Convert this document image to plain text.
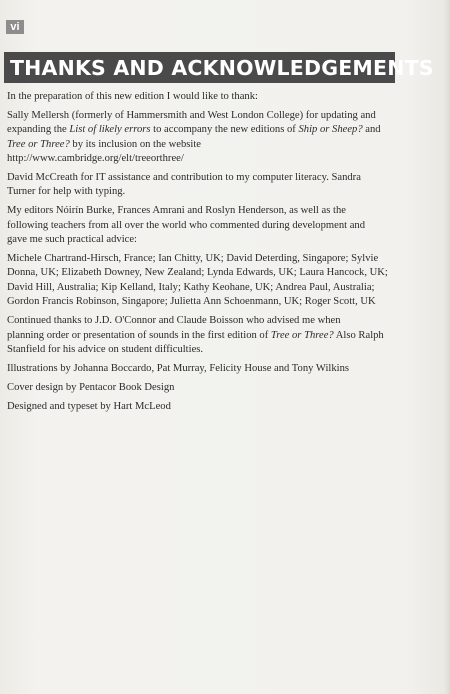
vi
THANKS AND ACKNOWLEDGEMENTS

In the preparation of this new edition I would like to thank:

Sally Mellersh (formerly of Hammersmith and West London College) for updating and
expanding the List of likely errors to accompany the new editions of Ship or Sheep? and
Tree or Three? by its inclusion on the website
http://www.cambridge.org/elt/treeorthree/

David McCreath for IT assistance and contribution to my computer literacy. Sandra
Turner for help with typing.

My editors Nóirín Burke, Frances Amrani and Roslyn Henderson, as well as the
following teachers from all over the world who commented during development and
gave me such practical advice:

Michele Chartrand-Hirsch, France; Ian Chitty, UK; David Deterding, Singapore; Sylvie
Donna, UK; Elizabeth Downey, New Zealand; Lynda Edwards, UK; Laura Hancock, UK;
David Hill, Australia; Kip Kelland, Italy; Kathy Keohane, UK; Andrea Paul, Australia;
Gordon Francis Robinson, Singapore; Julietta Ann Schoenmann, UK; Roger Scott, UK

Continued thanks to J.D. O'Connor and Claude Boisson who advised me when
planning order or presentation of sounds in the first edition of Tree or Three? Also Ralph
Stanfield for his advice on student difficulties.

Illustrations by Johanna Boccardo, Pat Murray, Felicity House and Tony Wilkins

Cover design by Pentacor Book Design

Designed and typeset by Hart McLeod
